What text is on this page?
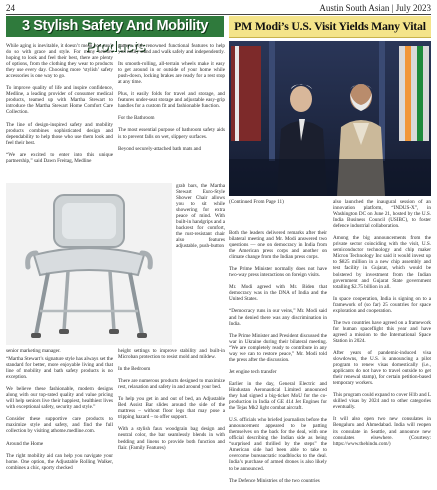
24	Austin South Asian | July 2023
3 Stylish Safety And Mobility Products
PM Modi’s U.S. Visit Yields Many Vital

While aging is inevitable, it doesn’t mean you can’t do so with grace and style. For many seniors hoping to look and feel their best, there are plenty of options, from the clothing they wear to products they use every day. Choosing more ‘stylish’ safety accessories is one way to go.

To improve quality of life and inspire confidence, Medline, a leading provider of consumer medical products, teamed up with Martha Stewart to introduce the Martha Stewart Home Comfort Care Collection.

The line of design-inspired safety and mobility products combines sophisticated design and dependability to help those who use them look and feel their best.

“We are excited to enter into this unique partnership,” said Dawn Freitag, Medline

pattern with renowned functional features to help you easily stand and walk safely and independently.

Its smooth-rolling, all-terrain wheels make it easy to get around in or outside of your home while push-down, locking brakes are ready for a rest stop at any time.

Plus, it easily folds for travel and storage, and features under-seat storage and adjustable easy-grip handles for a custom fit and fashionable function.

For the Bathroom

The most essential purpose of bathroom safety aids is to prevent falls on wet, slippery surfaces.

Beyond securely-attached bath mats and

grab bars, the Martha Stewart Euro-Style Shower Chair allows you to sit while showering for extra peace of mind. With built-in handgrips and a backrest for comfort, the rust-resistant chair also features adjustable, push-button
senior marketing manager.

“Martha Stewart’s signature style has always set the standard for better, more enjoyable living and that line of mobility and bath safety products is no exception.

We believe these fashionable, modern designs along with our top-rated quality and value pricing will help seniors live their happiest, healthiest lives with exceptional safety, security and style.”

Consider these supportive care products to maximize style and safety, and find the full collection by visiting athome.medline.com.

Around the Home

The right mobility aid can help you navigate your home. One option, the Adjustable Rolling Walker, combines a chic, sporty checked

height settings to improve stability and built-in Microban protection to resist mold and mildew.

In the Bedroom

There are numerous products designed to maximize rest, relaxation and safety in and around your bed.

To help you get in and out of bed, an Adjustable Bed Assist Bar slides around the side of the mattress – without floor legs that may pose a tripping hazard – to offer support.

With a stylish faux woodgrain bag design and neutral color, the bar seamlessly blends in with bedding and linens to provide both function and flair. (Family Features)

(Continued From Page 11)

Both the leaders delivered remarks after their bilateral meeting and Mr. Modi answered two questions — one on democracy in India from the American press corps and another on climate change from the Indian press corps.

The Prime Minister normally does not have two-way press interactions on foreign visits.

Mr. Modi agreed with Mr. Biden that democracy was in the DNA of India and the United States.

“Democracy runs in our veins,” Mr. Modi said and he denied there was any discrimination in India.

The Prime Minister and President discussed the war in Ukraine during their bilateral meeting. “We are completely ready to contribute in any way we can to restore peace,” Mr. Modi told the press after the discussion.

Jet engine tech transfer

Earlier in the day, General Electric and Hindustan Aeronautical Limited announced they had signed a big-ticket MoU for the co-production in India of GE 414 Jet Engines for the Tejas Mk2 light combat aircraft.

U.S. officials who briefed journalists before the announcement appeared to be patting themselves on the back for the deal, with one official describing the Indian side as being “surprised and thrilled by the steps” the American side had been able to take to overcome bureaucratic roadblocks to the deal. India’s purchase of armed drones is also likely to be announced.

The Defence Ministries of the two countries

also launched the inaugural session of an innovation platform, “INDUS-X”, in Washington DC on June 21, hosted by the U.S. India Business Council (USIBC), to foster defence industrial collaboration.

Among the big announcements from the private sector coinciding with the visit, U.S. semiconductor technology and chip maker Micron Technology Inc said it would invest up to $825 million in a new chip assembly and test facility in Gujarat, which would be bolstered by investment from the Indian government and Gujarat State government totalling $2.75 billion in all.

In space cooperation, India is signing on to a framework of (so far) 25 countries for space exploration and cooperation.

The two countries have agreed on a framework for human spaceflight this year and have agreed a mission to the International Space Station in 2024.

After years of pandemic-induced visa slowdowns, the U.S. is announcing a pilot program to renew visas domestically (i.e., applicants do not have to travel outside to get their renewal stamp), for certain petition-based temporary workers.

This program could expand to cover H1b and L skilled visas by 2024 and to other categories eventually.

It will also open two new consulates in Bengaluru and Ahmedabad. India will reopen its consulate in Seattle, and announce new consulates elsewhere. (Courtesy: https://www.thehindu.com/)
